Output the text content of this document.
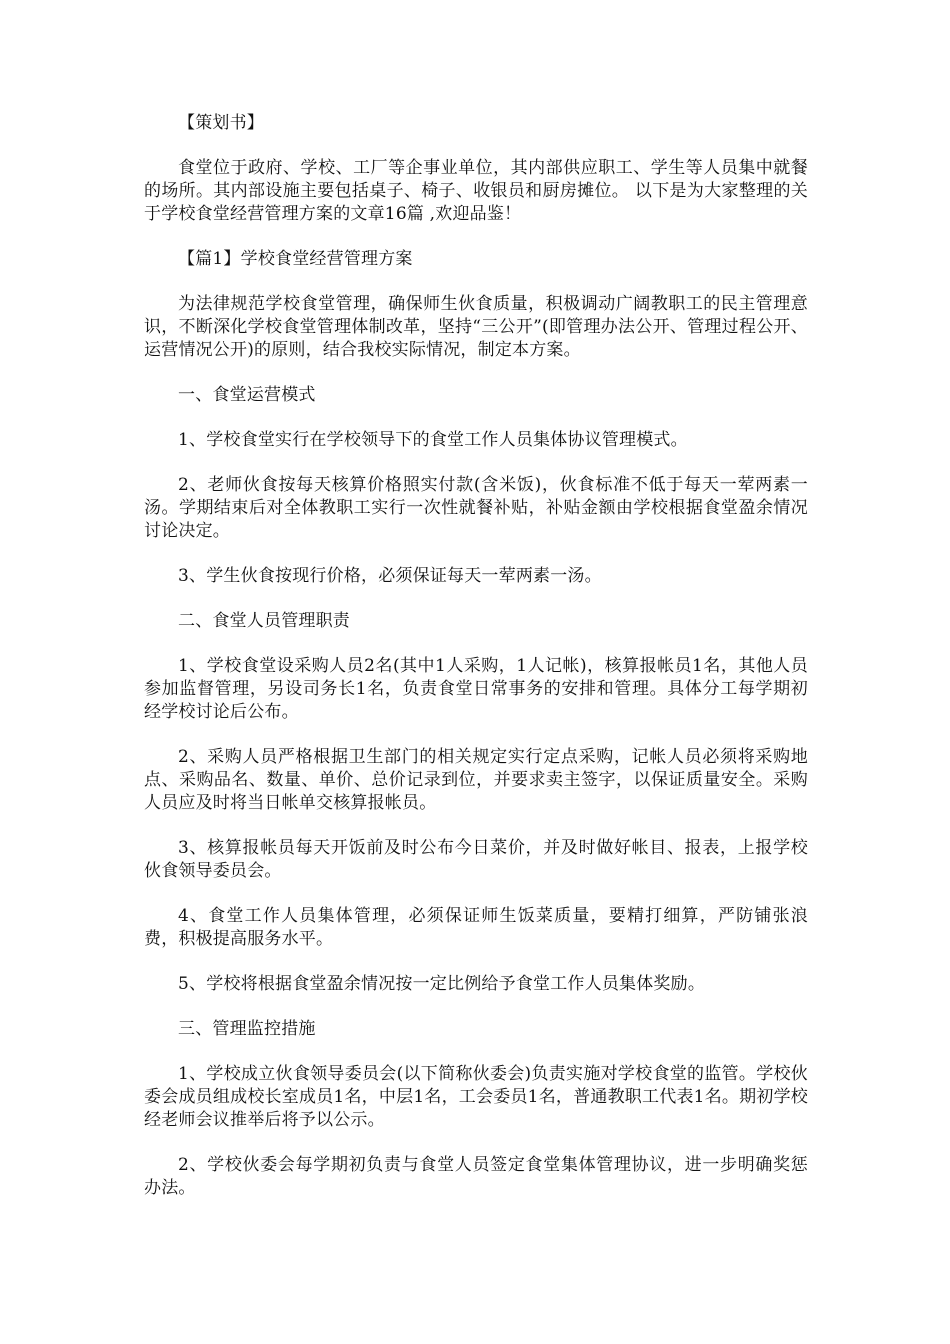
【策划书】

食堂位于政府、学校、工厂等企事业单位，其内部供应职工、学生等人员集中就餐的场所。其内部设施主要包括桌子、椅子、收银员和厨房摊位。 以下是为大家整理的关于学校食堂经营管理方案的文章16篇 ,欢迎品鉴！

【篇1】学校食堂经营管理方案

为法律规范学校食堂管理，确保师生伙食质量，积极调动广阔教职工的民主管理意识，不断深化学校食堂管理体制改革，坚持“三公开”(即管理办法公开、管理过程公开、运营情况公开)的原则，结合我校实际情况，制定本方案。

一、食堂运营模式

1、学校食堂实行在学校领导下的食堂工作人员集体协议管理模式。

2、老师伙食按每天核算价格照实付款(含米饭)，伙食标准不低于每天一荤两素一汤。学期结束后对全体教职工实行一次性就餐补贴，补贴金额由学校根据食堂盈余情况讨论决定。

3、学生伙食按现行价格，必须保证每天一荤两素一汤。

二、食堂人员管理职责

1、学校食堂设采购人员2名(其中1人采购，1人记帐)，核算报帐员1名，其他人员参加监督管理，另设司务长1名，负责食堂日常事务的安排和管理。具体分工每学期初经学校讨论后公布。

2、采购人员严格根据卫生部门的相关规定实行定点采购，记帐人员必须将采购地点、采购品名、数量、单价、总价记录到位，并要求卖主签字，以保证质量安全。采购人员应及时将当日帐单交核算报帐员。

3、核算报帐员每天开饭前及时公布今日菜价，并及时做好帐目、报表，上报学校伙食领导委员会。

4、食堂工作人员集体管理，必须保证师生饭菜质量，要精打细算，严防铺张浪费，积极提高服务水平。

5、学校将根据食堂盈余情况按一定比例给予食堂工作人员集体奖励。

三、管理监控措施

1、学校成立伙食领导委员会(以下简称伙委会)负责实施对学校食堂的监管。学校伙委会成员组成校长室成员1名，中层1名，工会委员1名，普通教职工代表1名。期初学校经老师会议推举后将予以公示。

2、学校伙委会每学期初负责与食堂人员签定食堂集体管理协议，进一步明确奖惩办法。
